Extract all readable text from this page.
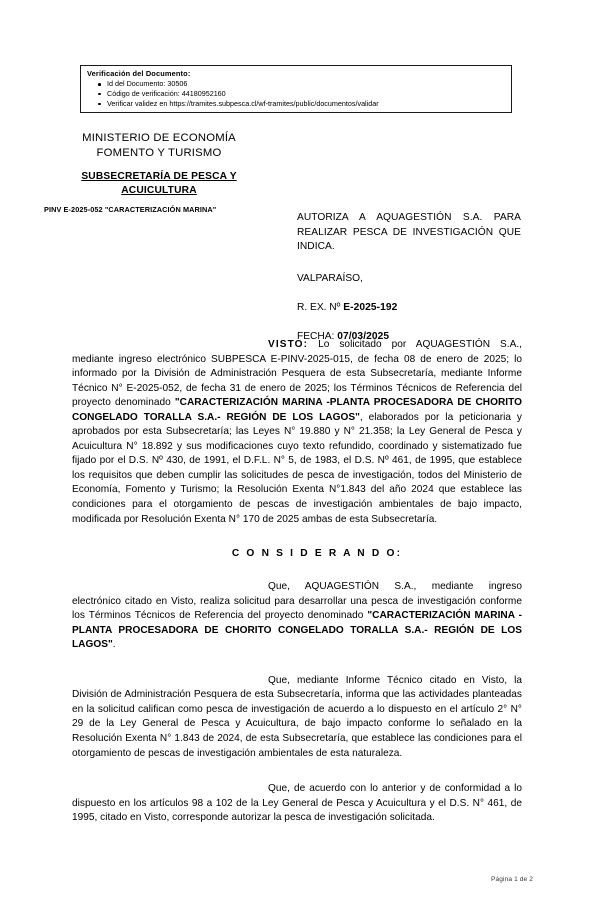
Verificación del Documento:
Id del Documento: 30506
Código de verificación: 44180952160
Verificar validez en https://tramites.subpesca.cl/wf-tramites/public/documentos/validar
MINISTERIO DE ECONOMÍA
FOMENTO Y TURISMO
SUBSECRETARÍA DE PESCA Y ACUICULTURA
PINV E-2025-052 "CARACTERIZACIÓN MARINA"
AUTORIZA A AQUAGESTIÓN S.A. PARA REALIZAR PESCA DE INVESTIGACIÓN QUE INDICA.
VALPARAÍSO,
R. EX. Nº E-2025-192
FECHA: 07/03/2025

VISTO: Lo solicitado por AQUAGESTIÓN S.A., mediante ingreso electrónico SUBPESCA E-PINV-2025-015, de fecha 08 de enero de 2025; lo informado por la División de Administración Pesquera de esta Subsecretaría, mediante Informe Técnico N° E-2025-052, de fecha 31 de enero de 2025; los Términos Técnicos de Referencia del proyecto denominado "CARACTERIZACIÓN MARINA -PLANTA PROCESADORA DE CHORITO CONGELADO TORALLA S.A.- REGIÓN DE LOS LAGOS", elaborados por la peticionaria y aprobados por esta Subsecretaría; las Leyes N° 19.880 y N° 21.358; la Ley General de Pesca y Acuicultura N° 18.892 y sus modificaciones cuyo texto refundido, coordinado y sistematizado fue fijado por el D.S. Nº 430, de 1991, el D.F.L. N° 5, de 1983, el D.S. Nº 461, de 1995, que establece los requisitos que deben cumplir las solicitudes de pesca de investigación, todos del Ministerio de Economía, Fomento y Turismo; la Resolución Exenta N°1.843 del año 2024 que establece las condiciones para el otorgamiento de pescas de investigación ambientales de bajo impacto, modificada por Resolución Exenta N° 170 de 2025 ambas de esta Subsecretaría.

C O N S I D E R A N D O:

Que, AQUAGESTIÓN S.A., mediante ingreso electrónico citado en Visto, realiza solicitud para desarrollar una pesca de investigación conforme los Términos Técnicos de Referencia del proyecto denominado "CARACTERIZACIÓN MARINA -PLANTA PROCESADORA DE CHORITO CONGELADO TORALLA S.A.- REGIÓN DE LOS LAGOS".

Que, mediante Informe Técnico citado en Visto, la División de Administración Pesquera de esta Subsecretaría, informa que las actividades planteadas en la solicitud califican como pesca de investigación de acuerdo a lo dispuesto en el artículo 2° N° 29 de la Ley General de Pesca y Acuicultura, de bajo impacto conforme lo señalado en la Resolución Exenta N° 1.843 de 2024, de esta Subsecretaría, que establece las condiciones para el otorgamiento de pescas de investigación ambientales de esta naturaleza.

Que, de acuerdo con lo anterior y de conformidad a lo dispuesto en los artículos 98 a 102 de la Ley General de Pesca y Acuicultura y el D.S. N° 461, de 1995, citado en Visto, corresponde autorizar la pesca de investigación solicitada.

Página 1 de 2
